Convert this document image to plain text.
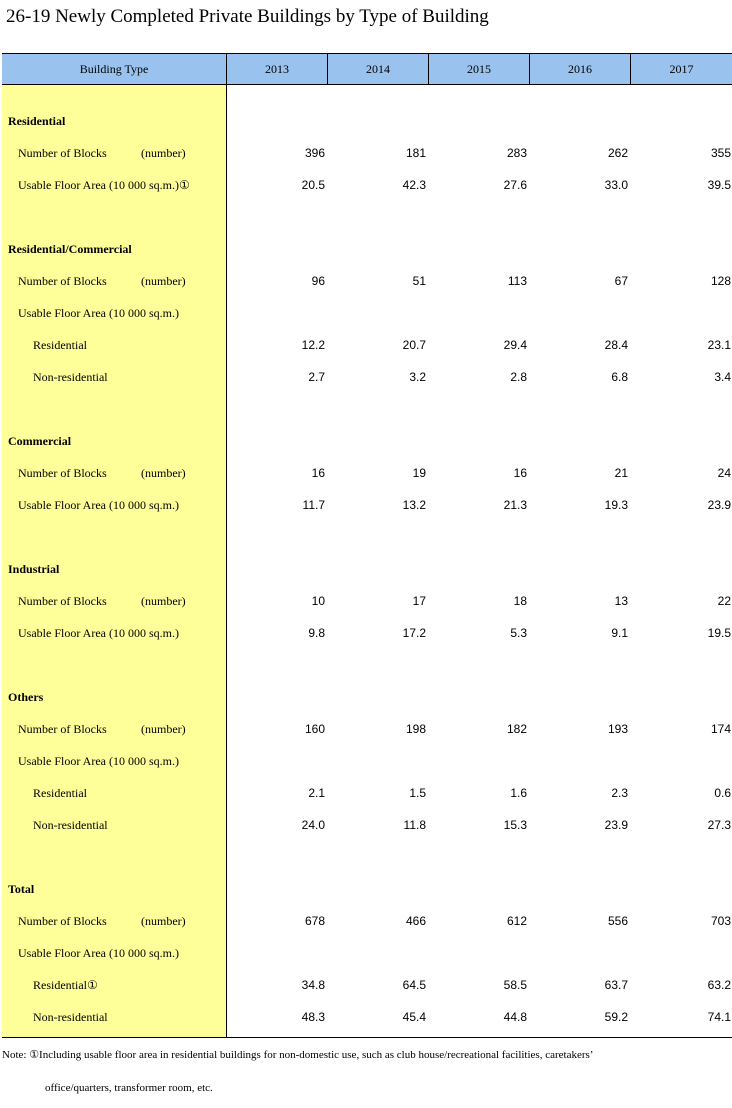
26-19 Newly Completed Private Buildings by Type of Building
Building Type	2013	2014	2015	2016	2017
Residential
Number of Blocks	(number)	396	181	283	262	355
Usable Floor Area (10 000 sq.m.)①	20.5	42.3	27.6	33.0	39.5
Residential/Commercial
Number of Blocks	(number)	96	51	113	67	128
Usable Floor Area (10 000 sq.m.)
Residential	12.2	20.7	29.4	28.4	23.1
Non-residential	2.7	3.2	2.8	6.8	3.4
Commercial
Number of Blocks	(number)	16	19	16	21	24
Usable Floor Area (10 000 sq.m.)	11.7	13.2	21.3	19.3	23.9
Industrial
Number of Blocks	(number)	10	17	18	13	22
Usable Floor Area (10 000 sq.m.)	9.8	17.2	5.3	9.1	19.5
Others
Number of Blocks	(number)	160	198	182	193	174
Usable Floor Area (10 000 sq.m.)
Residential	2.1	1.5	1.6	2.3	0.6
Non-residential	24.0	11.8	15.3	23.9	27.3
Total
Number of Blocks	(number)	678	466	612	556	703
Usable Floor Area (10 000 sq.m.)
Residential①	34.8	64.5	58.5	63.7	63.2
Non-residential	48.3	45.4	44.8	59.2	74.1
Note: ①Including usable floor area in residential buildings for non-domestic use, such as club house/recreational facilities, caretakers’
office/quarters, transformer room, etc.
